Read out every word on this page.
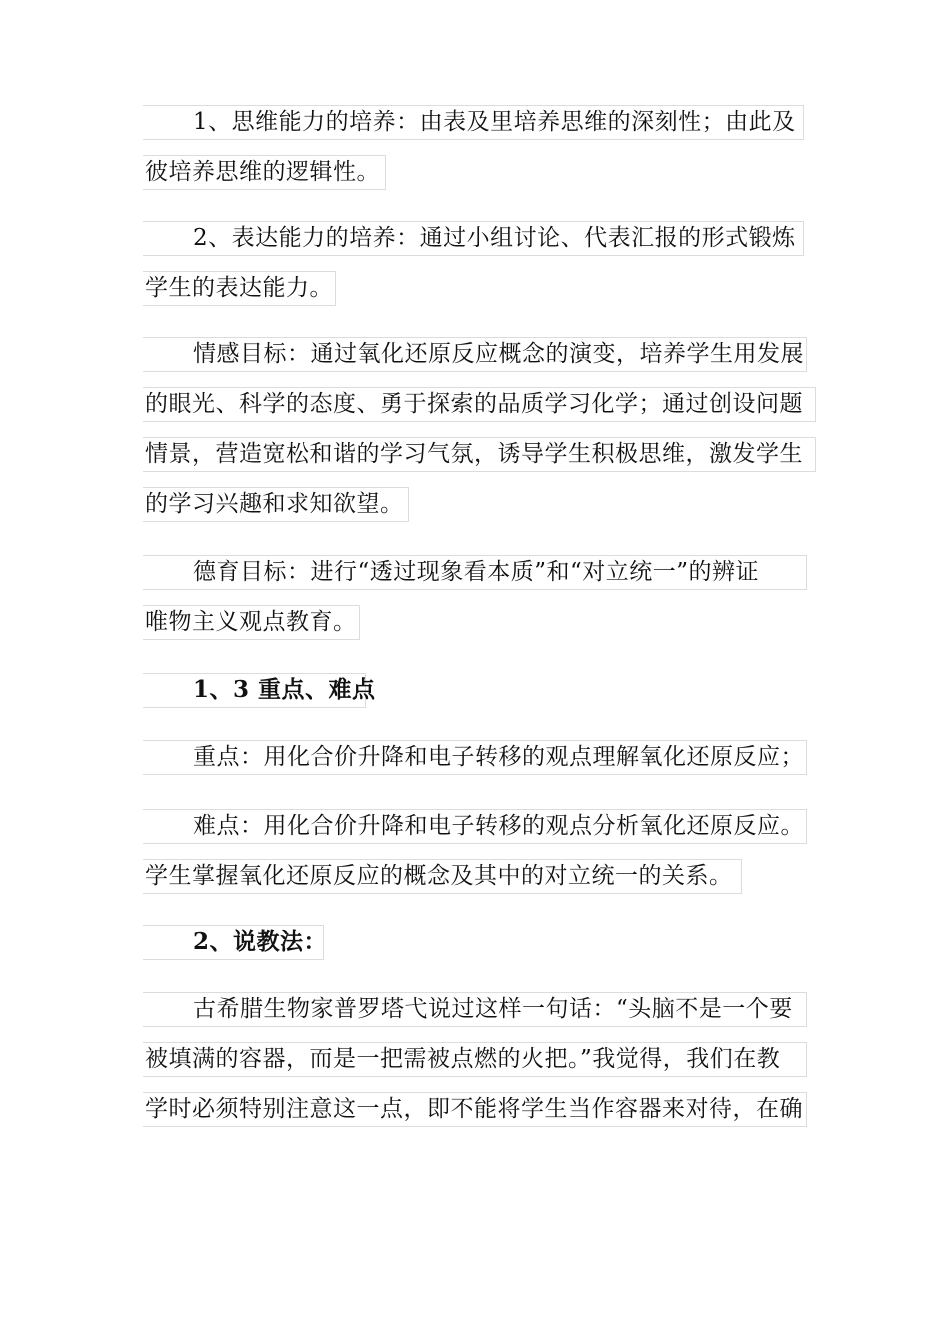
1、思维能力的培养：由表及里培养思维的深刻性；由此及
彼培养思维的逻辑性。
2、表达能力的培养：通过小组讨论、代表汇报的形式锻炼
学生的表达能力。
情感目标：通过氧化还原反应概念的演变，培养学生用发展
的眼光、科学的态度、勇于探索的品质学习化学；通过创设问题
情景，营造宽松和谐的学习气氛，诱导学生积极思维，激发学生
的学习兴趣和求知欲望。
德育目标：进行“透过现象看本质”和“对立统一”的辨证
唯物主义观点教育。
1、3 重点、难点
重点：用化合价升降和电子转移的观点理解氧化还原反应；
难点：用化合价升降和电子转移的观点分析氧化还原反应。
学生掌握氧化还原反应的概念及其中的对立统一的关系。
2、说教法：
古希腊生物家普罗塔弋说过这样一句话：“头脑不是一个要
被填满的容器，而是一把需被点燃的火把。”我觉得，我们在教
学时必须特别注意这一点，即不能将学生当作容器来对待，在确
